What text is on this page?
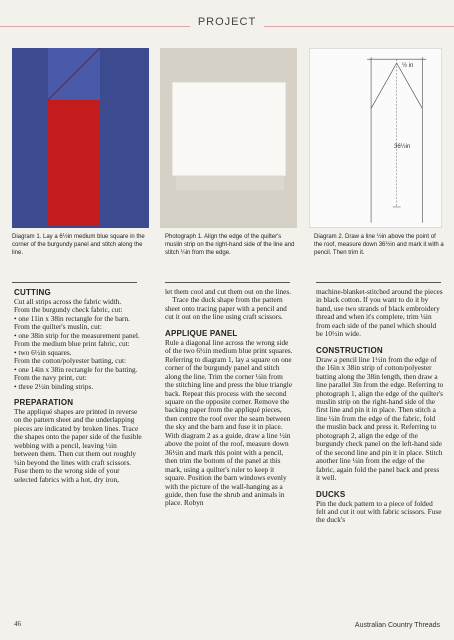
PROJECT
½ in
36½in
Diagram 1. Lay a 6½in medium blue square in the corner of the burgundy panel and stitch along the line.
Photograph 1. Align the edge of the quilter's muslin strip on the right-hand side of the line and stitch ¼in from the edge.
Diagram 2. Draw a line ½in above the point of the roof, measure down 36½in and mark it with a pencil. Then trim it.

CUTTING

Cut all strips across the fabric width.

From the burgundy check fabric, cut:

• one 11in x 38in rectangle for the barn.

From the quilter's muslin, cut:

• one 38in strip for the measurement panel.

From the medium blue print fabric, cut:

• two 6½in squares.

From the cotton/polyester batting, cut:

• one 14in x 38in rectangle for the batting.

From the navy print, cut:

• three 2½in binding strips.

PREPARATION

The appliqué shapes are printed in reverse on the pattern sheet and the underlapping pieces are indicated by broken lines. Trace the shapes onto the paper side of the fusible webbing with a pencil, leaving ½in between them. Then cut them out roughly ¼in beyond the lines with craft scissors. Fuse them to the wrong side of your selected fabrics with a hot, dry iron,

let them cool and cut them out on the lines.

 Trace the duck shape from the pattern sheet onto tracing paper with a pencil and cut it out on the line using craft scissors.

APPLIQUE PANEL

Rule a diagonal line across the wrong side of the two 6½in medium blue print squares. Referring to diagram 1, lay a square on one corner of the burgundy panel and stitch along the line. Trim the corner ¼in from the stitching line and press the blue triangle back. Repeat this process with the second square on the opposite corner. Remove the backing paper from the appliqué pieces, then centre the roof over the seam between the sky and the barn and fuse it in place. With diagram 2 as a guide, draw a line ½in above the point of the roof, measure down 36½in and mark this point with a pencil, then trim the bottom of the panel at this mark, using a quilter's ruler to keep it square. Position the barn windows evenly with the picture of the wall-hanging as a guide, then fuse the shrub and animals in place. Robyn

machine-blanket-stitched around the pieces in black cotton. If you want to do it by hand, use two strands of black embroidery thread and when it's complete, trim ¼in from each side of the panel which should be 10½in wide.

CONSTRUCTION

Draw a pencil line 1½in from the edge of the 16in x 38in strip of cotton/polyester batting along the 38in length, then draw a line parallel 3in from the edge. Referring to photograph 1, align the edge of the quilter's muslin strip on the right-hand side of the first line and pin it in place. Then stitch a line ¼in from the edge of the fabric, fold the muslin back and press it. Referring to photograph 2, align the edge of the burgundy check panel on the left-hand side of the second line and pin it in place. Stitch another line ¼in from the edge of the fabric, again fold the panel back and press it well.

DUCKS

Pin the duck pattern to a piece of folded felt and cut it out with fabric scissors. Fuse the duck's

46	Australian Country Threads
